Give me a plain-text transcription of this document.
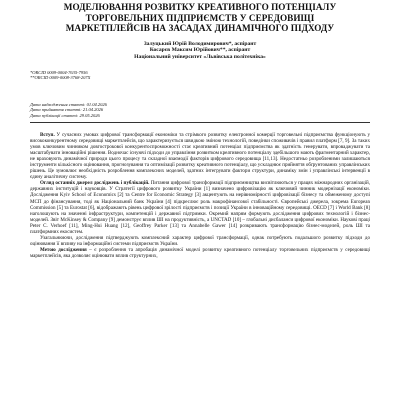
МОДЕЛЮВАННЯ РОЗВИТКУ КРЕАТИВНОГО ПОТЕНЦІАЛУ
ТОРГОВЕЛЬНИХ ПІДПРИЄМСТВ У СЕРЕДОВИЩІ
МАРКЕТПЛЕЙСІВ НА ЗАСАДАХ ДИНАМІЧНОГО ПІДХОДУ
Залуцький Юрій Володимирович*, аспірант
Косарєв Максим Юрійович**, аспірант
Національний університет «Львівська політехніка»
*ORCID 0009-0004-7635-7956
**ORCID 0009-0008-3768-207X
Дата надходження статті: 01.04.2026
Дата прийняття статті: 21.04.2026
Дата публікації статті: 29.05.2026

Вступ. У сучасних умовах цифрової трансформації економіки та стрімкого розвитку електронної комерції торговельні підприємства функціонують у висококонкурентному середовищі маркетплейсів, що характеризується швидкою зміною технологій, поведінки споживачів і правил платформ [7, 9]. За таких умов ключовим чинником довгострокової конкурентоспроможності стає креативний потенціал підприємства як здатність генерувати, впроваджувати та масштабувати інноваційні рішення. Водночас існуючі підходи до управління розвитком креативного потенціалу здебільшого мають фрагментарний характер, не враховують динамічної природи цього процесу та складної взаємодії факторів цифрового середовища [11,13]. Недостатньо розробленими залишаються інструменти кількісного оцінювання, прогнозування та оптимізації розвитку креативного потенціалу, що ускладнює прийняття обґрунтованих управлінських рішень. Це зумовлює необхідність розроблення комплексних моделей, здатних інтегрувати фактори структури, динаміку змін і управлінські інтервенції в єдину аналітичну систему.

Огляд останніх джерел досліджень і публікацій. Питання цифрової трансформації підприємництва висвітлюються у працях міжнародних організацій, державних інституцій і науковців. У Стратегії цифрового розвитку України [1] визначено цифровізацію як ключовий чинник модернізації економіки. Дослідження Kyiv School of Economics [2] та Centre for Economic Strategy [3] акцентують на нерівномірності цифровізації бізнесу та обмеженому доступі МСП до фінансування, тоді як Національний банк України [4] підкреслює роль макрофінансової стабільності. Європейські джерела, зокрема European Commission [5] та Eurostat [6], відображають рівень цифрової зрілості підприємств і позиції України в інноваційному середовищі. OECD [7] і World Bank [8] наголошують на значенні інфраструктури, компетенцій і державної підтримки. Окремий напрям формують дослідження цифрових технологій і бізнес-моделей. Звіт McKinsey & Company [9] демонструє вплив ШІ на продуктивність, а UNCTAD [10] – глобальні дисбаланси цифрової економіки. Наукові праці Peter C. Verhoef [11], Ming-Hui Huang [12], Geoffrey Parker [13] та Annabelle Gawer [14] розкривають трансформацію бізнес-моделей, роль ШІ та платформних екосистем.

Узагальнюючи, дослідження підтверджують комплексний характер цифрової трансформації, однак потребують подальшого розвитку підходи до оцінювання її впливу на інформаційні системи підприємств України.

Метою дослідження – є розроблення та апробація динамічної моделі розвитку креативного потенціалу торговельних підприємств у середовищі маркетплейсів, яка дозволяє оцінювати вплив структурних,
